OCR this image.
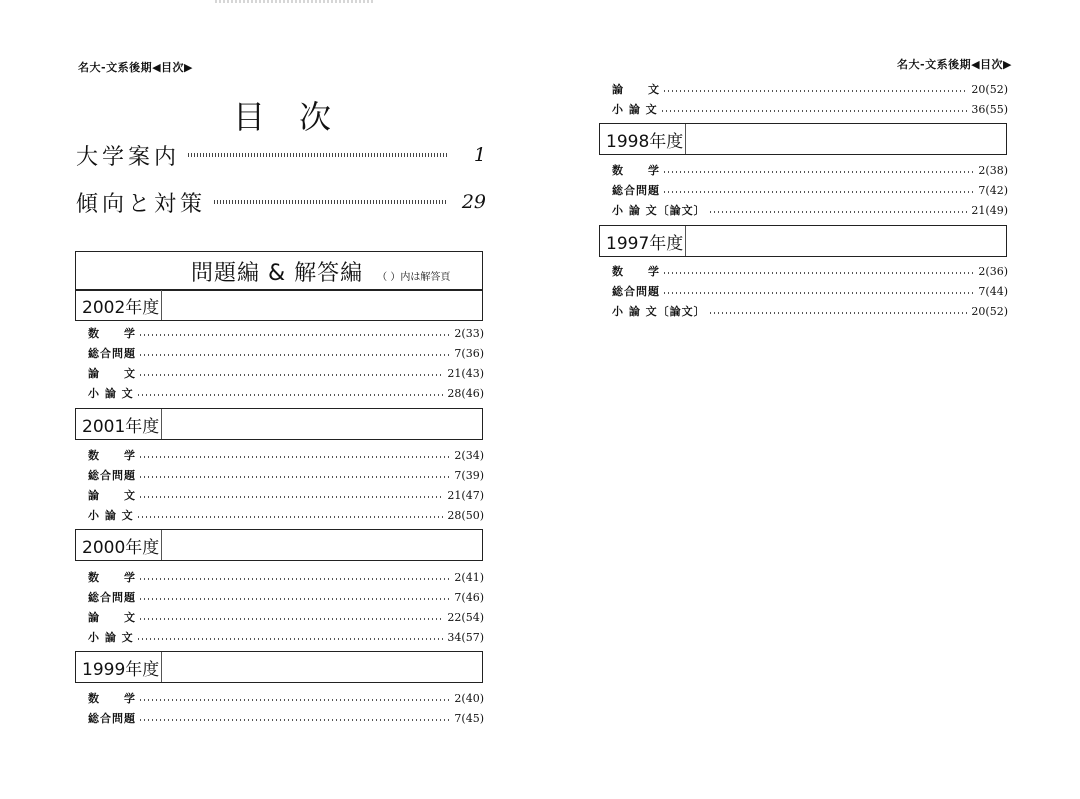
名大-文系後期◀目次▶
目次
大学案内	1
傾向と対策	29
問題編 & 解答編 （ ）内は解答頁
2002年度
数　　学	2(33)
総合問題	7(36)
論　　文	21(43)
小 論 文	28(46)
2001年度
数　　学	2(34)
総合問題	7(39)
論　　文	21(47)
小 論 文	28(50)
2000年度
数　　学	2(41)
総合問題	7(46)
論　　文	22(54)
小 論 文	34(57)
1999年度
数　　学	2(40)
総合問題	7(45)
名大-文系後期◀目次▶
論　　文	20(52)
小 論 文	36(55)
1998年度
数　　学	2(38)
総合問題	7(42)
小 論 文〔論文〕	21(49)
1997年度
数　　学	2(36)
総合問題	7(44)
小 論 文〔論文〕	20(52)
